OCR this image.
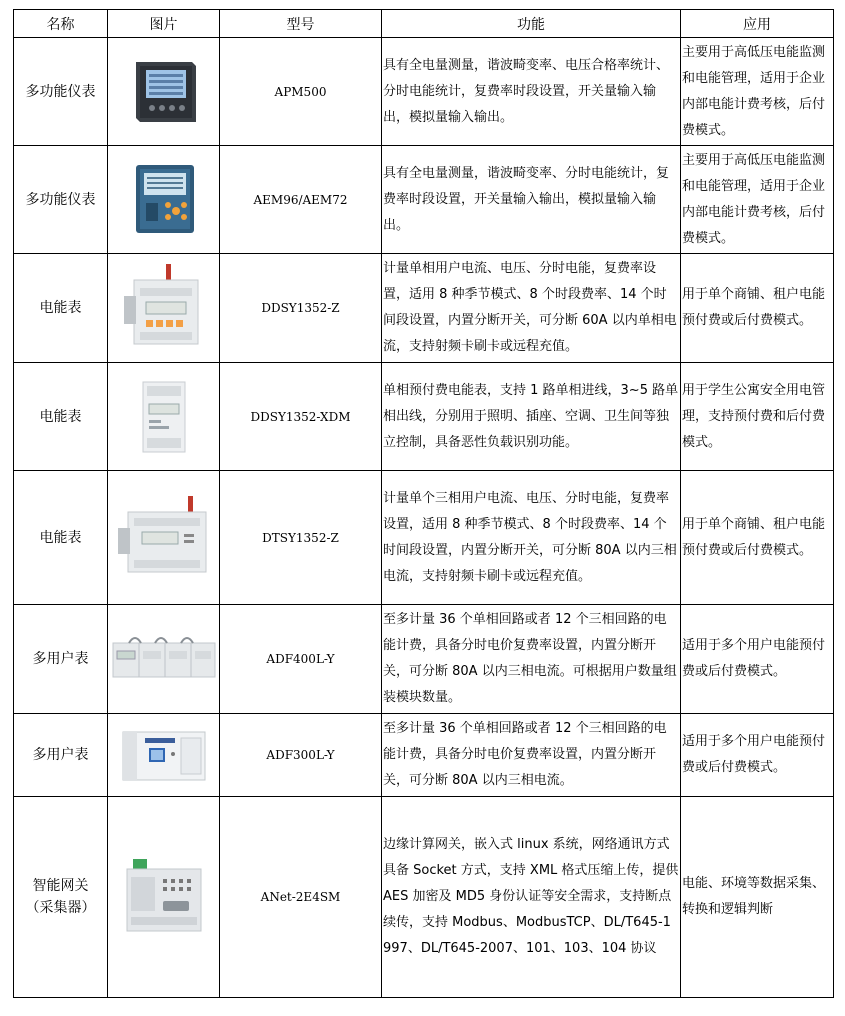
名称	图片	型号	功能	应用
多功能仪表		APM500	具有全电量测量，谐波畸变率、电压合格率统计、分时电能统计，复费率时段设置，开关量输入输出，模拟量输入输出。	主要用于高低压电能监测和电能管理，适用于企业内部电能计费考核，后付费模式。

多功能仪表		AEM96/AEM72	具有全电量测量，谐波畸变率、分时电能统计，复费率时段设置，开关量输入输出，模拟量输入输出。	主要用于高低压电能监测和电能管理，适用于企业内部电能计费考核，后付费模式。

电能表		DDSY1352-Z	计量单相用户电流、电压、分时电能，复费率设置，适用 8 种季节模式、8 个时段费率、14 个时间段设置，内置分断开关，可分断 60A 以内单相电流，支持射频卡刷卡或远程充值。	用于单个商铺、租户电能预付费或后付费模式。

电能表		DDSY1352-XDM	单相预付费电能表，支持 1 路单相进线，3~5 路单相出线，分别用于照明、插座、空调、卫生间等独立控制，具备恶性负载识别功能。	用于学生公寓安全用电管理，支持预付费和后付费模式。

电能表		DTSY1352-Z	计量单个三相用户电流、电压、分时电能，复费率设置，适用 8 种季节模式、8 个时段费率、14 个时间段设置，内置分断开关，可分断 80A 以内三相电流，支持射频卡刷卡或远程充值。	用于单个商铺、租户电能预付费或后付费模式。

多用户表		ADF400L-Y	至多计量 36 个单相回路或者 12 个三相回路的电能计费，具备分时电价复费率设置，内置分断开关，可分断 80A 以内三相电流。可根据用户数量组装模块数量。	适用于多个用户电能预付费或后付费模式。

多用户表		ADF300L-Y	至多计量 36 个单相回路或者 12 个三相回路的电能计费，具备分时电价复费率设置，内置分断开关，可分断 80A 以内三相电流。	适用于多个用户电能预付费或后付费模式。

智能网关
（采集器）		ANet-2E4SM	边缘计算网关，嵌入式 linux 系统，网络通讯方式具备 Socket 方式，支持 XML 格式压缩上传，提供 AES 加密及 MD5 身份认证等安全需求，支持断点续传，支持 Modbus、ModbusTCP、DL/T645-1997、DL/T645-2007、101、103、104 协议	电能、环境等数据采集、转换和逻辑判断
